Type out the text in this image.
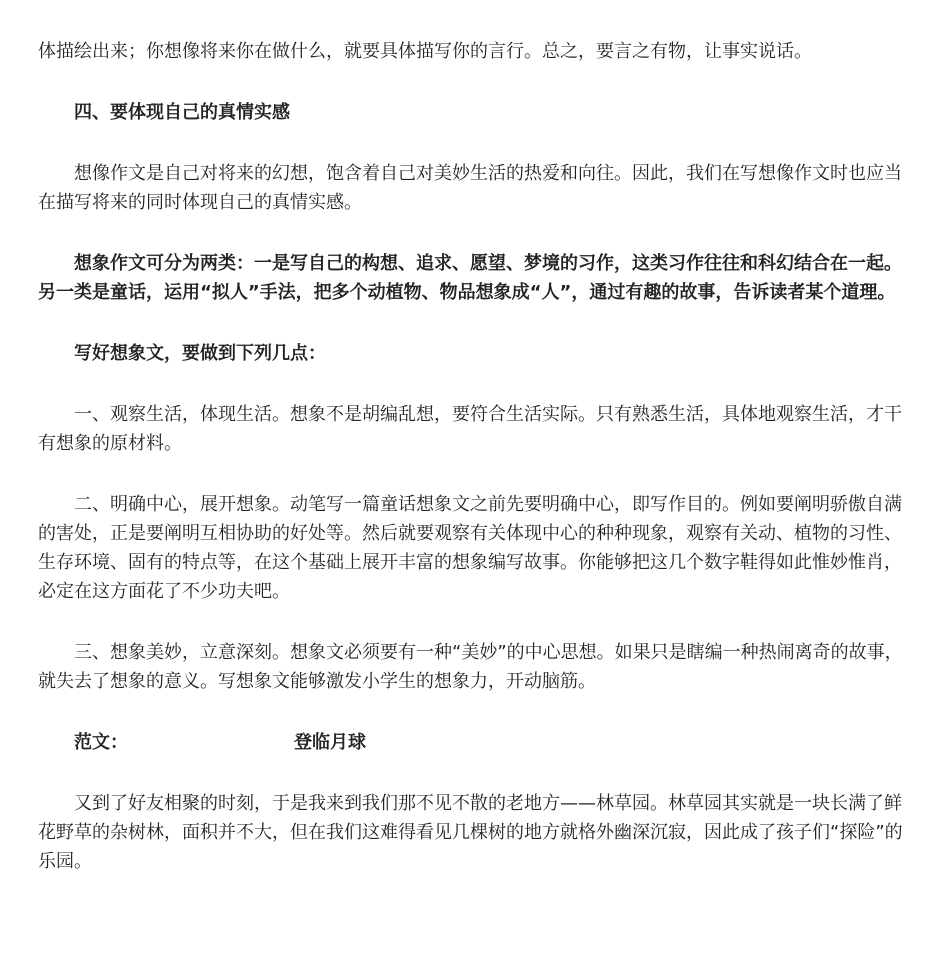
体描绘出来；你想像将来你在做什么，就要具体描写你的言行。总之，要言之有物，让事实说话。

四、要体现自己的真情实感

想像作文是自己对将来的幻想，饱含着自己对美妙生活的热爱和向往。因此，我们在写想像作文时也应当在描写将来的同时体现自己的真情实感。

想象作文可分为两类：一是写自己的构想、追求、愿望、梦境的习作，这类习作往往和科幻结合在一起。另一类是童话，运用“拟人”手法，把多个动植物、物品想象成“人”，通过有趣的故事，告诉读者某个道理。

写好想象文，要做到下列几点：

一、观察生活，体现生活。想象不是胡编乱想，要符合生活实际。只有熟悉生活，具体地观察生活，才干有想象的原材料。

二、明确中心，展开想象。动笔写一篇童话想象文之前先要明确中心，即写作目的。例如要阐明骄傲自满的害处，正是要阐明互相协助的好处等。然后就要观察有关体现中心的种种现象，观察有关动、植物的习性、生存环境、固有的特点等，在这个基础上展开丰富的想象编写故事。你能够把这几个数字鞋得如此惟妙惟肖，必定在这方面花了不少功夫吧。

三、想象美妙，立意深刻。想象文必须要有一种“美妙”的中心思想。如果只是瞎编一种热闹离奇的故事，就失去了想象的意义。写想象文能够激发小学生的想象力，开动脑筋。

范文：	登临月球

又到了好友相聚的时刻，于是我来到我们那不见不散的老地方——林草园。林草园其实就是一块长满了鲜花野草的杂树林，面积并不大，但在我们这难得看见几棵树的地方就格外幽深沉寂，因此成了孩子们“探险”的乐园。
